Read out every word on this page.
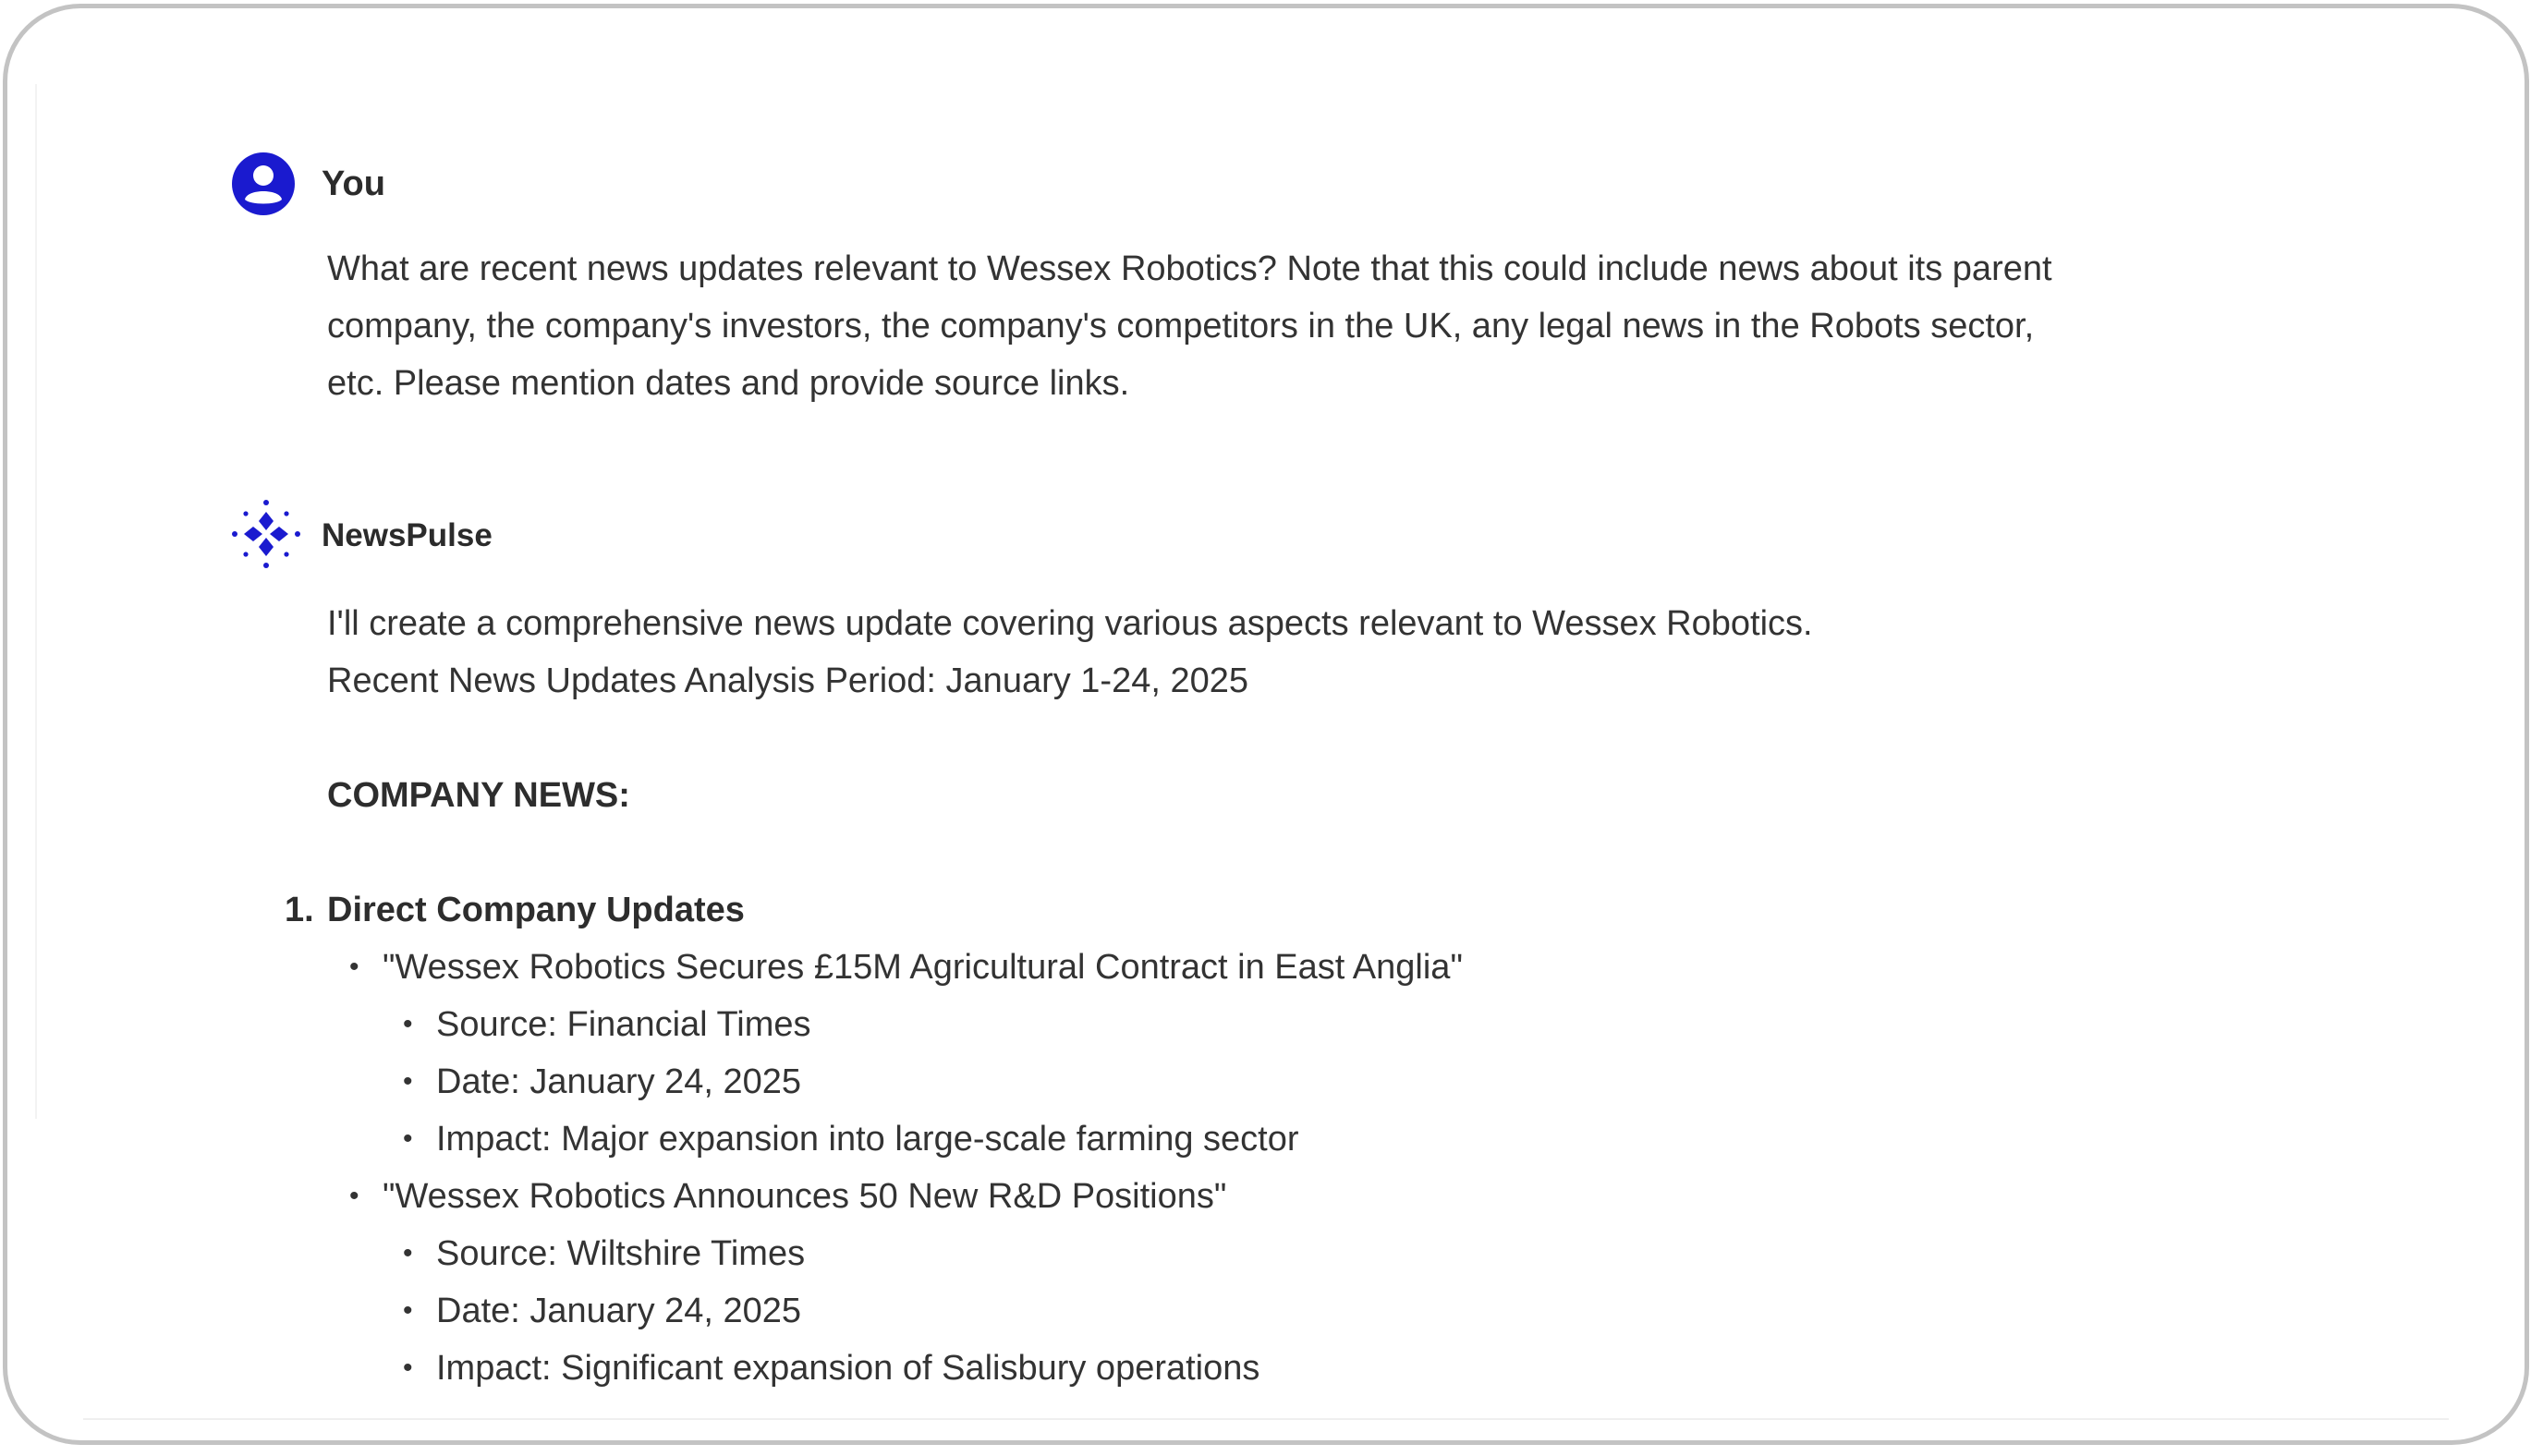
You
What are recent news updates relevant to Wessex Robotics? Note that this could include news about its parent
company, the company's investors, the company's competitors in the UK, any legal news in the Robots sector,
etc. Please mention dates and provide source links.
NewsPulse
I'll create a comprehensive news update covering various aspects relevant to Wessex Robotics.
Recent News Updates Analysis Period: January 1-24, 2025
COMPANY NEWS:
1. Direct Company Updates
• "Wessex Robotics Secures £15M Agricultural Contract in East Anglia"
• Source: Financial Times
• Date: January 24, 2025
• Impact: Major expansion into large-scale farming sector
• "Wessex Robotics Announces 50 New R&D Positions"
• Source: Wiltshire Times
• Date: January 24, 2025
• Impact: Significant expansion of Salisbury operations
